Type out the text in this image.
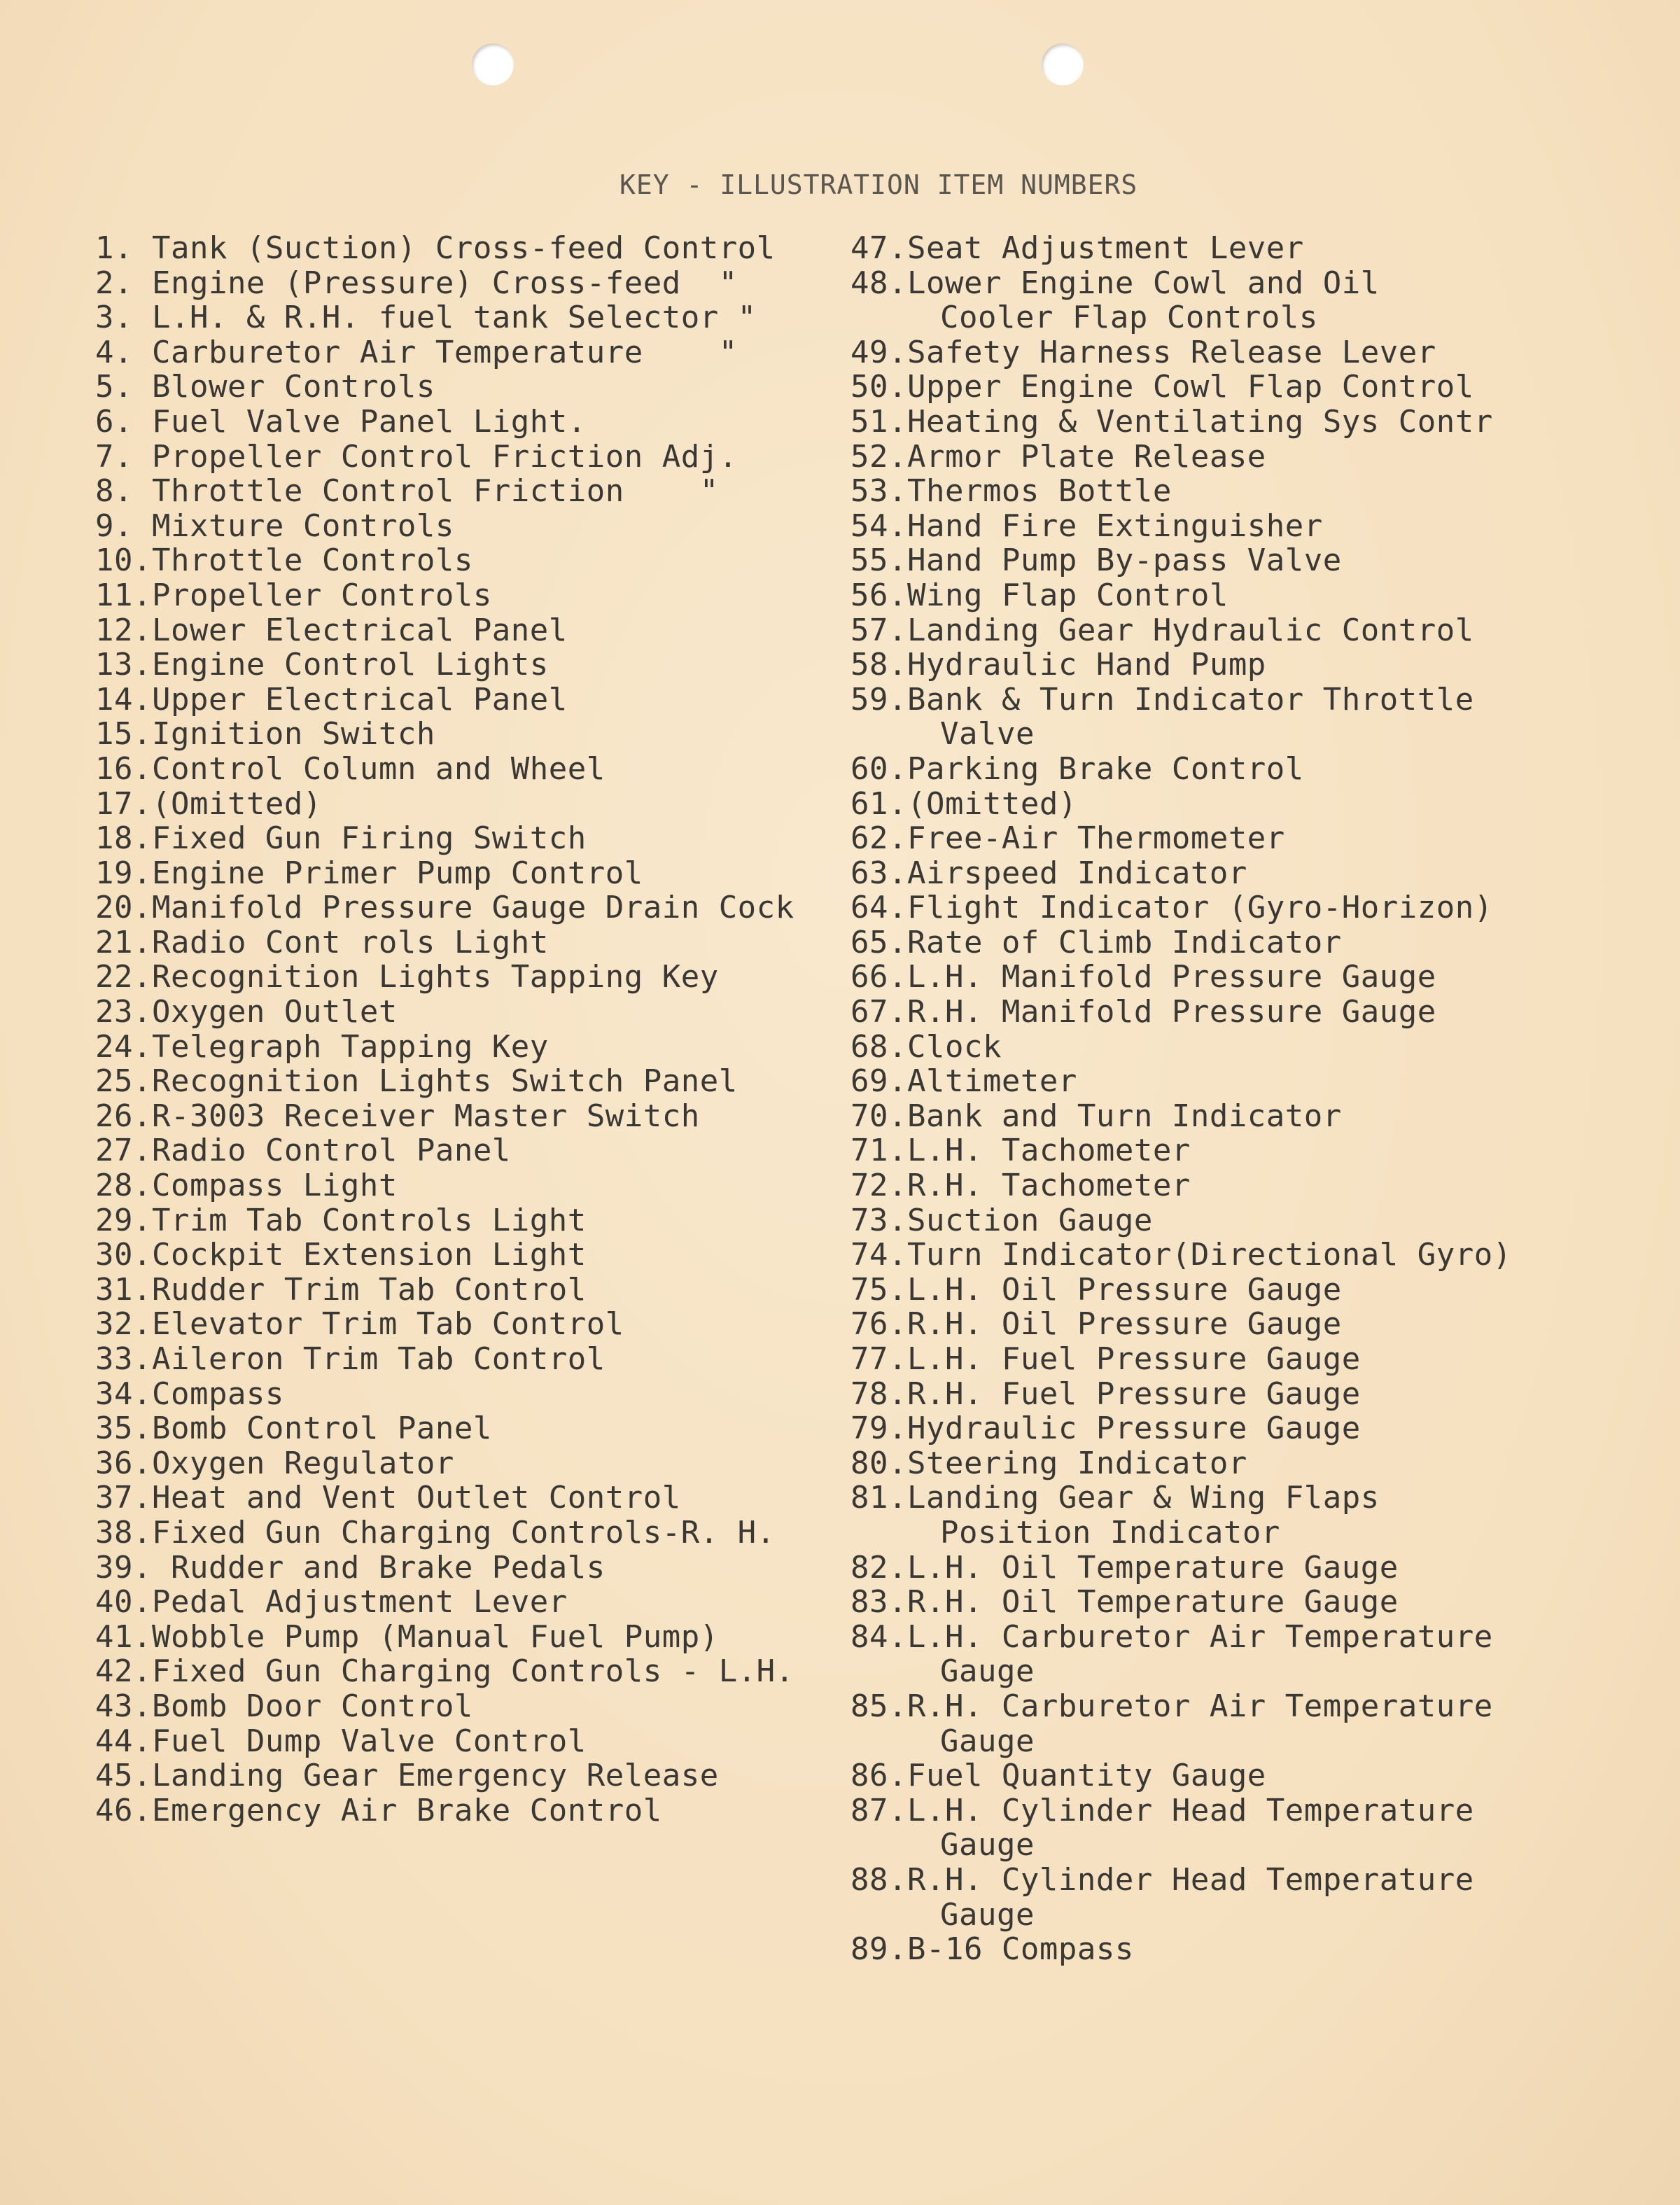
KEY - ILLUSTRATION ITEM NUMBERS
1. Tank (Suction) Cross-feed Control
2. Engine (Pressure) Cross-feed  "
3. L.H. & R.H. fuel tank Selector "
4. Carburetor Air Temperature    "
5. Blower Controls
6. Fuel Valve Panel Light.
7. Propeller Control Friction Adj.
8. Throttle Control Friction    "
9. Mixture Controls
10.Throttle Controls
11.Propeller Controls
12.Lower Electrical Panel
13.Engine Control Lights
14.Upper Electrical Panel
15.Ignition Switch
16.Control Column and Wheel
17.(Omitted)
18.Fixed Gun Firing Switch
19.Engine Primer Pump Control
20.Manifold Pressure Gauge Drain Cock
21.Radio Cont rols Light
22.Recognition Lights Tapping Key
23.Oxygen Outlet
24.Telegraph Tapping Key
25.Recognition Lights Switch Panel
26.R-3003 Receiver Master Switch
27.Radio Control Panel
28.Compass Light
29.Trim Tab Controls Light
30.Cockpit Extension Light
31.Rudder Trim Tab Control
32.Elevator Trim Tab Control
33.Aileron Trim Tab Control
34.Compass
35.Bomb Control Panel
36.Oxygen Regulator
37.Heat and Vent Outlet Control
38.Fixed Gun Charging Controls-R. H.
39. Rudder and Brake Pedals
40.Pedal Adjustment Lever
41.Wobble Pump (Manual Fuel Pump)
42.Fixed Gun Charging Controls - L.H.
43.Bomb Door Control
44.Fuel Dump Valve Control
45.Landing Gear Emergency Release
46.Emergency Air Brake Control
47.Seat Adjustment Lever
48.Lower Engine Cowl and Oil
Cooler Flap Controls
49.Safety Harness Release Lever
50.Upper Engine Cowl Flap Control
51.Heating & Ventilating Sys Contr
52.Armor Plate Release
53.Thermos Bottle
54.Hand Fire Extinguisher
55.Hand Pump By-pass Valve
56.Wing Flap Control
57.Landing Gear Hydraulic Control
58.Hydraulic Hand Pump
59.Bank & Turn Indicator Throttle
Valve
60.Parking Brake Control
61.(Omitted)
62.Free-Air Thermometer
63.Airspeed Indicator
64.Flight Indicator (Gyro-Horizon)
65.Rate of Climb Indicator
66.L.H. Manifold Pressure Gauge
67.R.H. Manifold Pressure Gauge
68.Clock
69.Altimeter
70.Bank and Turn Indicator
71.L.H. Tachometer
72.R.H. Tachometer
73.Suction Gauge
74.Turn Indicator(Directional Gyro)
75.L.H. Oil Pressure Gauge
76.R.H. Oil Pressure Gauge
77.L.H. Fuel Pressure Gauge
78.R.H. Fuel Pressure Gauge
79.Hydraulic Pressure Gauge
80.Steering Indicator
81.Landing Gear & Wing Flaps
Position Indicator
82.L.H. Oil Temperature Gauge
83.R.H. Oil Temperature Gauge
84.L.H. Carburetor Air Temperature
Gauge
85.R.H. Carburetor Air Temperature
Gauge
86.Fuel Quantity Gauge
87.L.H. Cylinder Head Temperature
Gauge
88.R.H. Cylinder Head Temperature
Gauge
89.B-16 Compass
